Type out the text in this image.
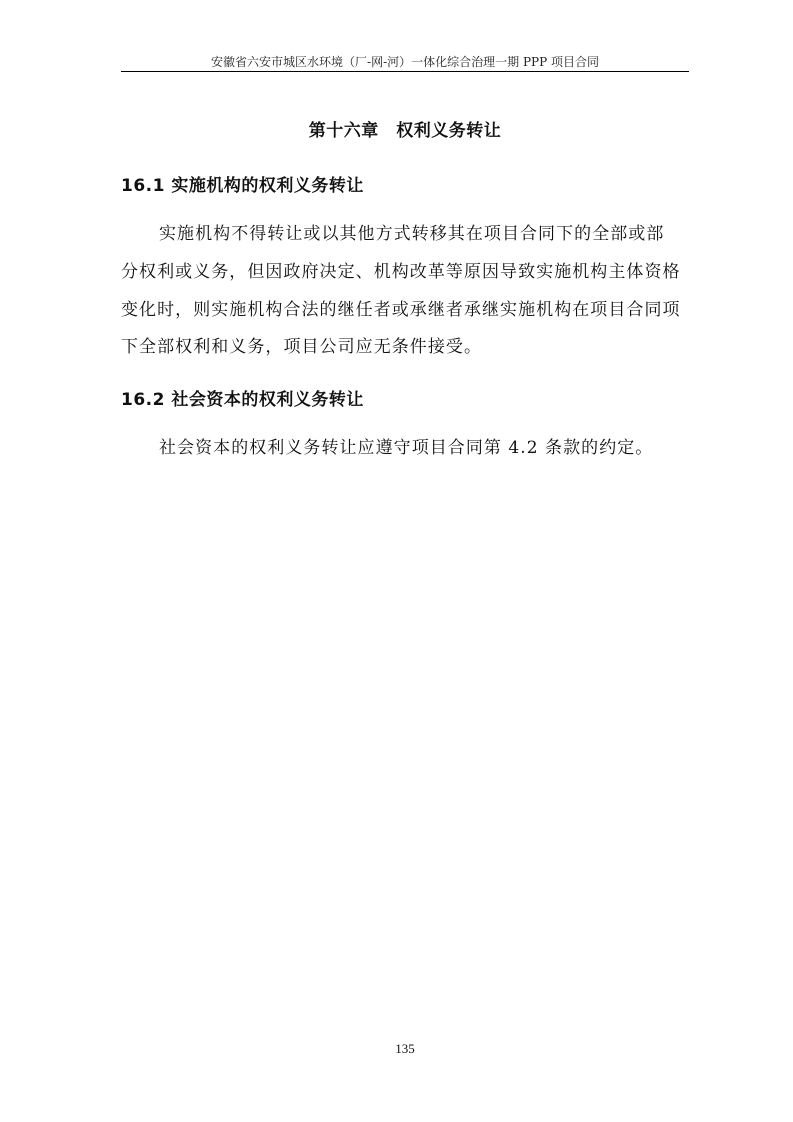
安徽省六安市城区水环境（厂-网-河）一体化综合治理一期 PPP 项目合同
第十六章　权利义务转让
16.1 实施机构的权利义务转让
实施机构不得转让或以其他方式转移其在项目合同下的全部或部
分权利或义务，但因政府决定、机构改革等原因导致实施机构主体资格
变化时，则实施机构合法的继任者或承继者承继实施机构在项目合同项
下全部权利和义务，项目公司应无条件接受。
16.2 社会资本的权利义务转让
社会资本的权利义务转让应遵守项目合同第 4.2 条款的约定。
135
